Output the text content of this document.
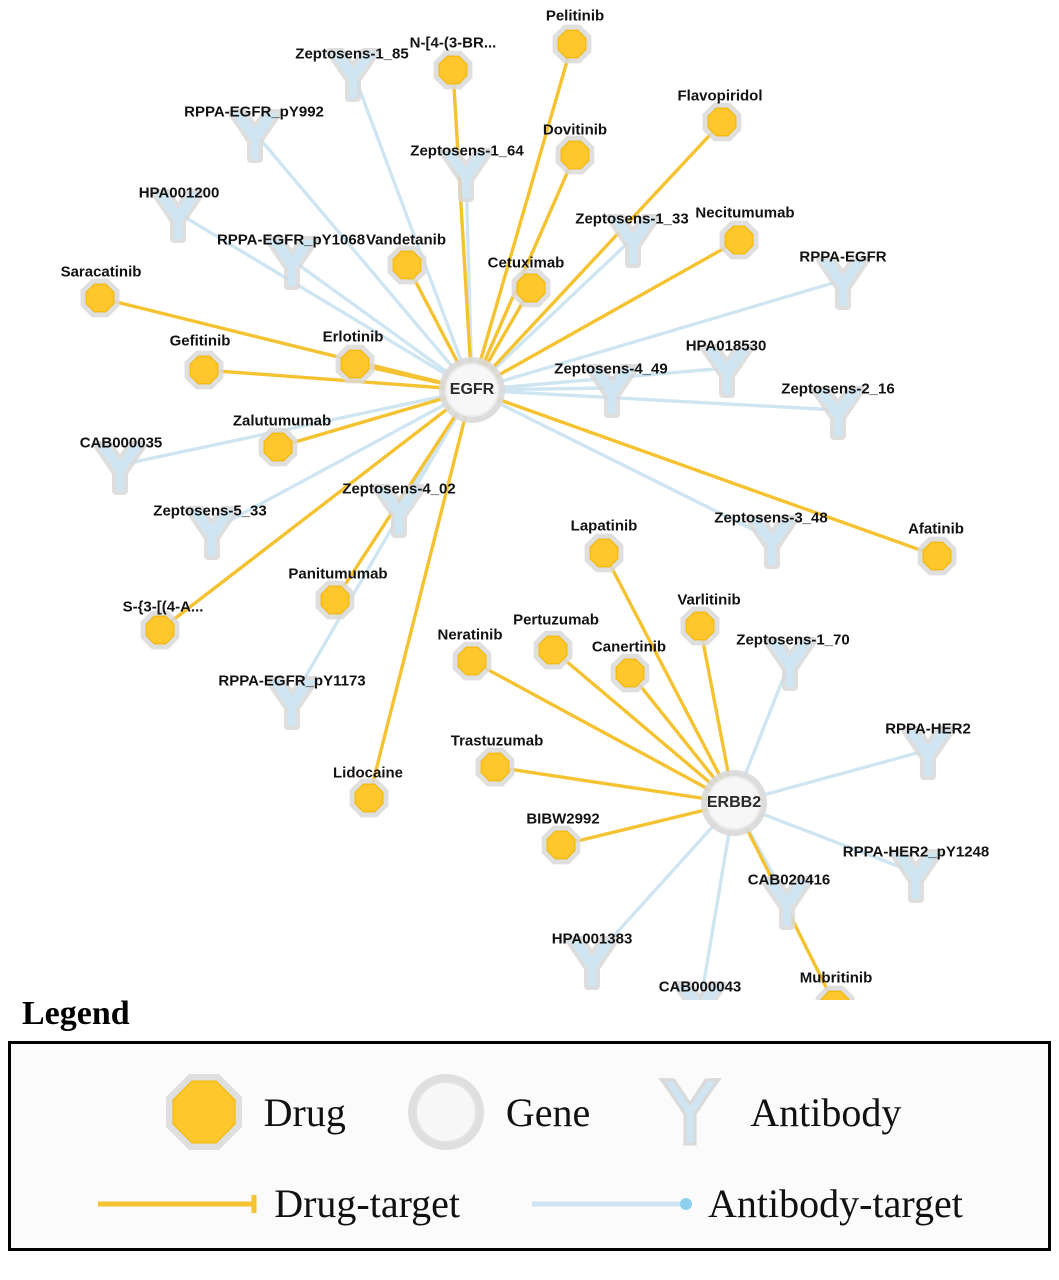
Zeptosens-1_85
RPPA-EGFR_pY992
Zeptosens-1_64
HPA001200
Zeptosens-1_33
RPPA-EGFR_pY1068
RPPA-EGFR
HPA018530
Zeptosens-4_49
Zeptosens-2_16
CAB000035
Zeptosens-4_02
Zeptosens-5_33	Zeptosens-3_48
Zeptosens-1_70
RPPA-EGFR_pY1173
RPPA-HER2
RPPA-HER2_pY1248
CAB020416
HPA001383
CAB000043
Pelitinib
N-[4-(3-BR...
Flavopiridol
Dovitinib
Necitumumab
Vandetanib
Cetuximab
Saracatinib
Gefitinib	Erlotinib
Zalutumumab
Afatinib
Lapatinib
Varlitinib
Panitumumab
S-{3-[(4-A...
Pertuzumab
Neratinib
Canertinib
Trastuzumab
Lidocaine
BIBW2992
Mubritinib
EGFR
ERBB2
Legend
Drug	Gene	Antibody
Drug-target	Antibody-target
